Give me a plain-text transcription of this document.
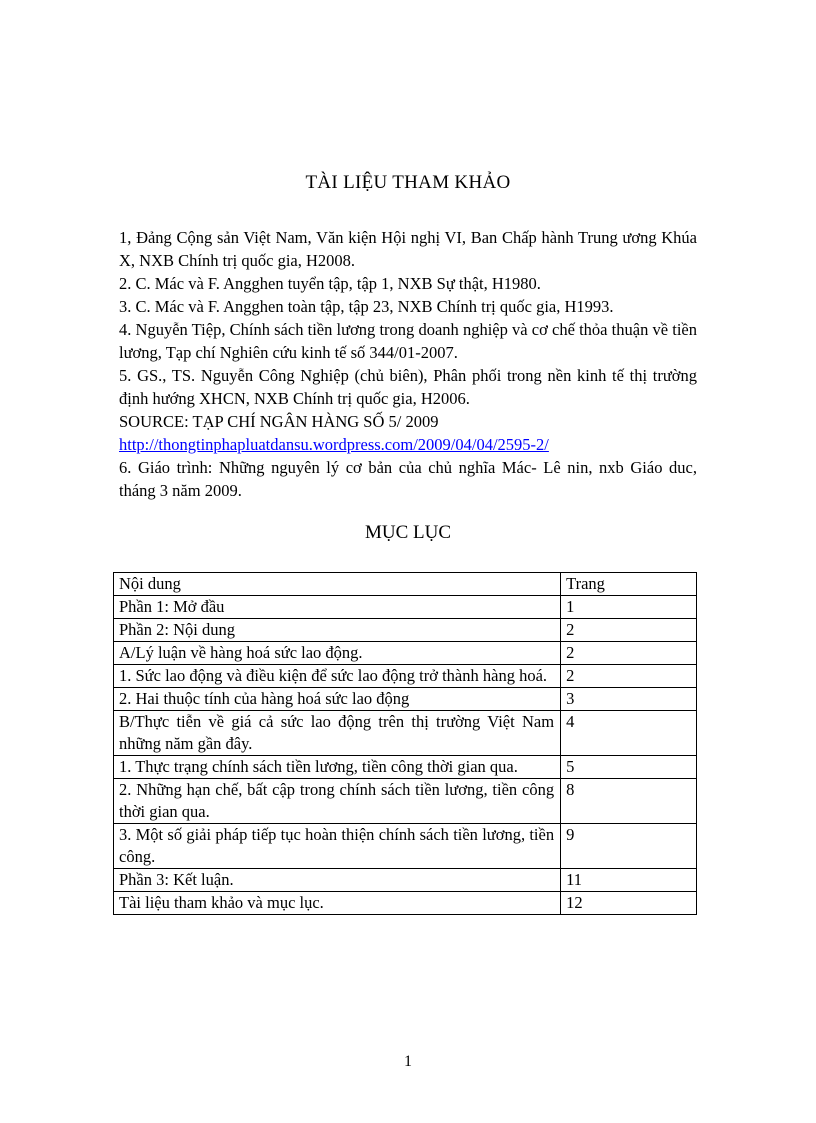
TÀI LIỆU THAM KHẢO

1, Đảng Cộng sản Việt Nam, Văn kiện Hội nghị VI, Ban Chấp hành Trung ương Khúa X, NXB Chính trị quốc gia, H2008.

2. C. Mác và F. Angghen tuyển tập, tập 1, NXB Sự thật, H1980.

3. C. Mác và F. Angghen toàn tập, tập 23, NXB Chính trị quốc gia, H1993.

4. Nguyễn Tiệp, Chính sách tiền lương trong doanh nghiệp và cơ chế thỏa thuận về tiền lương, Tạp chí Nghiên cứu kinh tế số 344/01-2007.

5. GS., TS. Nguyễn Công Nghiệp (chủ biên), Phân phối trong nền kinh tế thị trường định hướng XHCN, NXB Chính trị quốc gia, H2006.

SOURCE: TẠP CHÍ NGÂN HÀNG SỐ 5/ 2009

http://thongtinphapluatdansu.wordpress.com/2009/04/04/2595-2/

6. Giáo trình: Những nguyên lý cơ bản của chủ nghĩa Mác- Lê nin, nxb Giáo duc, tháng 3 năm 2009.

MỤC LỤC
Nội dung	Trang
Phần 1: Mở đầu	1
Phần 2: Nội dung	2
A/Lý luận về hàng hoá sức lao động.	2
1. Sức lao động và điều kiện để sức lao động trở thành hàng hoá.	2
2. Hai thuộc tính của hàng hoá sức lao động	3
B/Thực tiễn về giá cả sức lao động trên thị trường Việt Nam những năm gần đây.	4
1. Thực trạng chính sách tiền lương, tiền công thời gian qua.	5
2. Những hạn chế, bất cập trong chính sách tiền lương, tiền công thời gian qua.	8
3. Một số giải pháp tiếp tục hoàn thiện chính sách tiền lương, tiền công.	9
Phần 3: Kết luận.	11
Tài liệu tham khảo và mục lục.	12
1
